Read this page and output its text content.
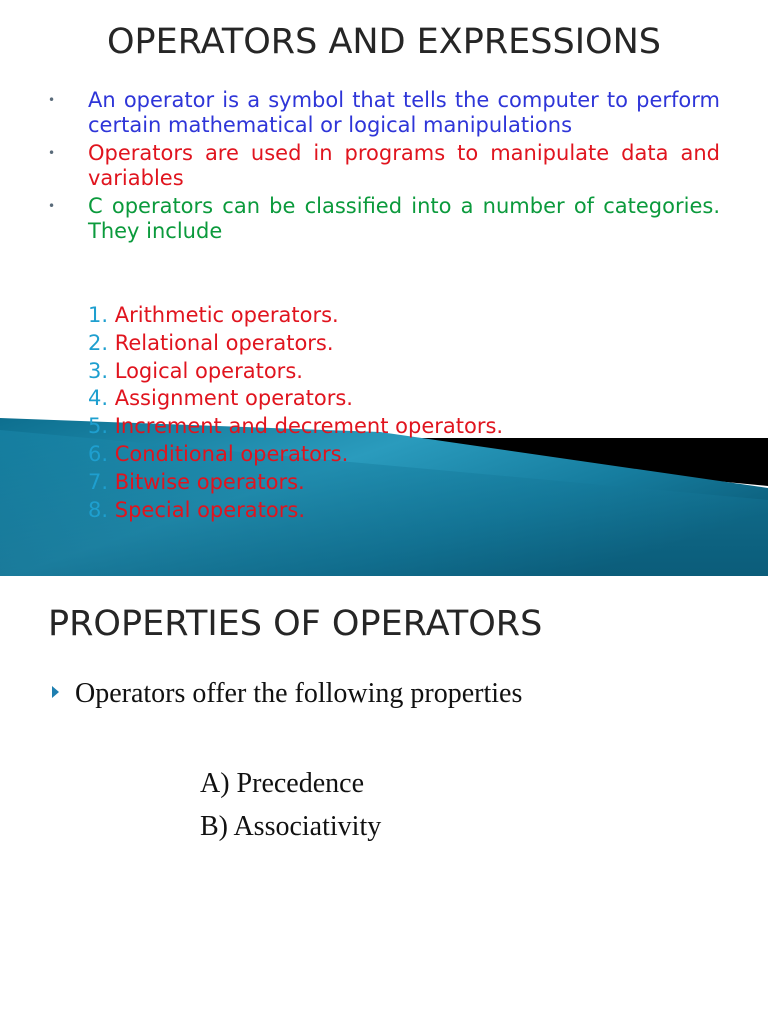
OPERATORS AND EXPRESSIONS
• An operator is a symbol that tells the computer to perform certain mathematical or logical manipulations
• Operators are used in programs to manipulate data and variables
• C operators can be classified into a number of categories. They include
1. Arithmetic operators.
2. Relational operators.
3. Logical operators.
4. Assignment operators.
5. Increment and decrement operators.
6. Conditional operators.
7. Bitwise operators.
8. Special operators.
PROPERTIES OF OPERATORS
Operators offer the following properties
A) Precedence
B) Associativity
